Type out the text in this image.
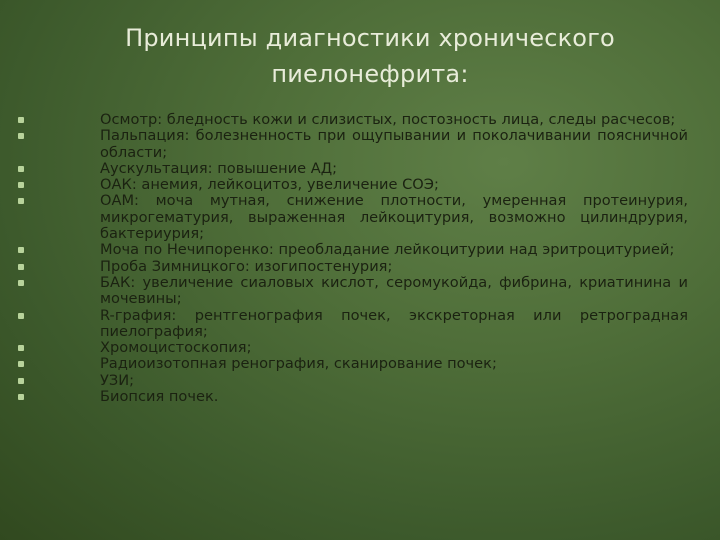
Принципы диагностики хронического
пиелонефрита:
Осмотр: бледность кожи и слизистых, постозность лица, следы расчесов;
Пальпация: болезненность при ощупывании и поколачивании поясничной области;
Аускультация: повышение АД;
ОАК: анемия, лейкоцитоз, увеличение СОЭ;
ОАМ: моча мутная, снижение плотности, умеренная протеинурия, микрогематурия, выраженная лейкоцитурия, возможно цилиндрурия, бактериурия;
Моча по Нечипоренко: преобладание лейкоцитурии над эритроцитурией;
Проба Зимницкого: изогипостенурия;
БАК: увеличение сиаловых кислот, серомукойда, фибрина, криатинина и мочевины;
R-графия: рентгенография почек, экскреторная или ретроградная пиелография;
Хромоцистоскопия;
Радиоизотопная ренография, сканирование почек;
УЗИ;
Биопсия почек.
